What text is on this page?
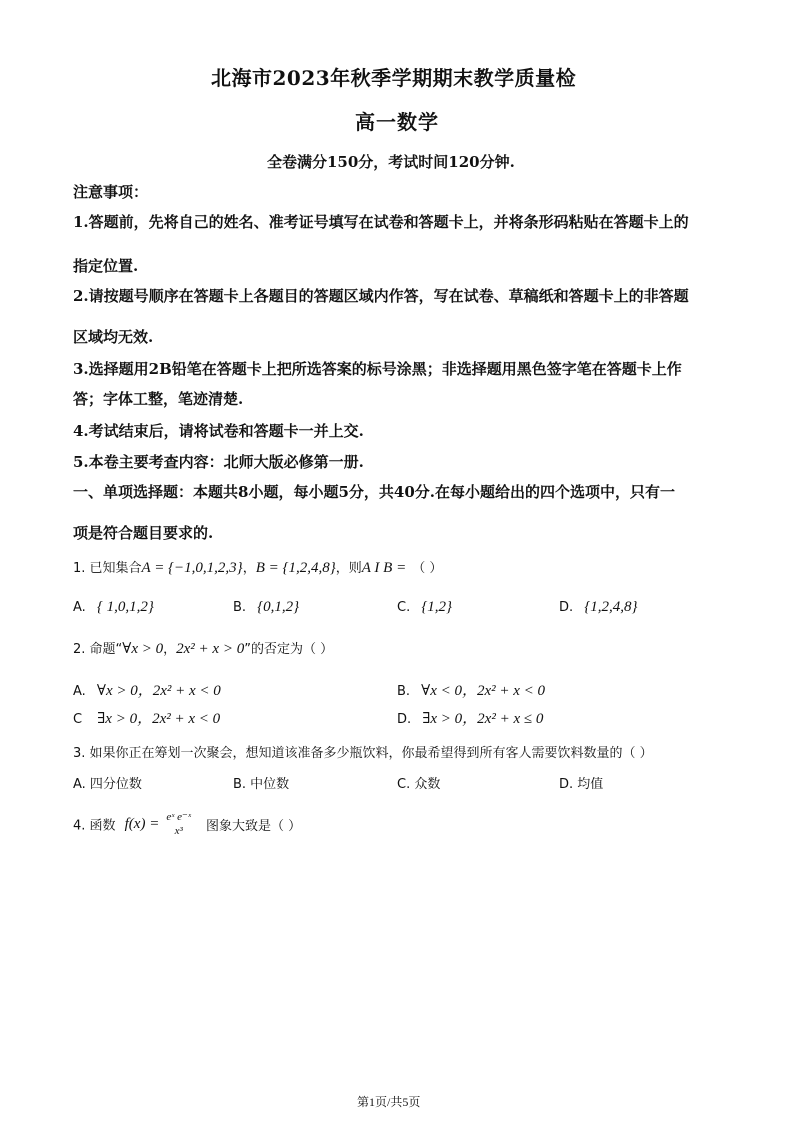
北海市2023年秋季学期期末教学质量检
高一数学
全卷满分150分，考试时间120分钟.
注意事项：
1.答题前，先将自己的姓名、准考证号填写在试卷和答题卡上，并将条形码粘贴在答题卡上的
指定位置.
2.请按题号顺序在答题卡上各题目的答题区域内作答，写在试卷、草稿纸和答题卡上的非答题
区域均无效.
3.选择题用2B铅笔在答题卡上把所选答案的标号涂黑；非选择题用黑色签字笔在答题卡上作
答；字体工整，笔迹清楚.
4.考试结束后，请将试卷和答题卡一并上交.
5.本卷主要考查内容：北师大版必修第一册.
一、单项选择题：本题共8小题，每小题5分，共40分.在每小题给出的四个选项中，只有一
项是符合题目要求的.
1. 已知集合A = {−1,0,1,2,3}，B = {1,2,4,8}，则A I B = （ ）
A. { 1,0,1,2}	B. {0,1,2}	C. {1,2}	D. {1,2,4,8}
2. 命题“∀x > 0，2x² + x > 0”的否定为（ ）
A. ∀x > 0，2x² + x < 0	B. ∀x < 0，2x² + x < 0
C ∃x > 0，2x² + x < 0	D. ∃x > 0，2x² + x ≤ 0
3. 如果你正在筹划一次聚会，想知道该准备多少瓶饮料，你最希望得到所有客人需要饮料数量的（ ）
A. 四分位数	B. 中位数	C. 众数	D. 均值
4. 函数 f(x) = eˣ e⁻ˣ
x³	图象大致是（ ）
第1页/共5页
